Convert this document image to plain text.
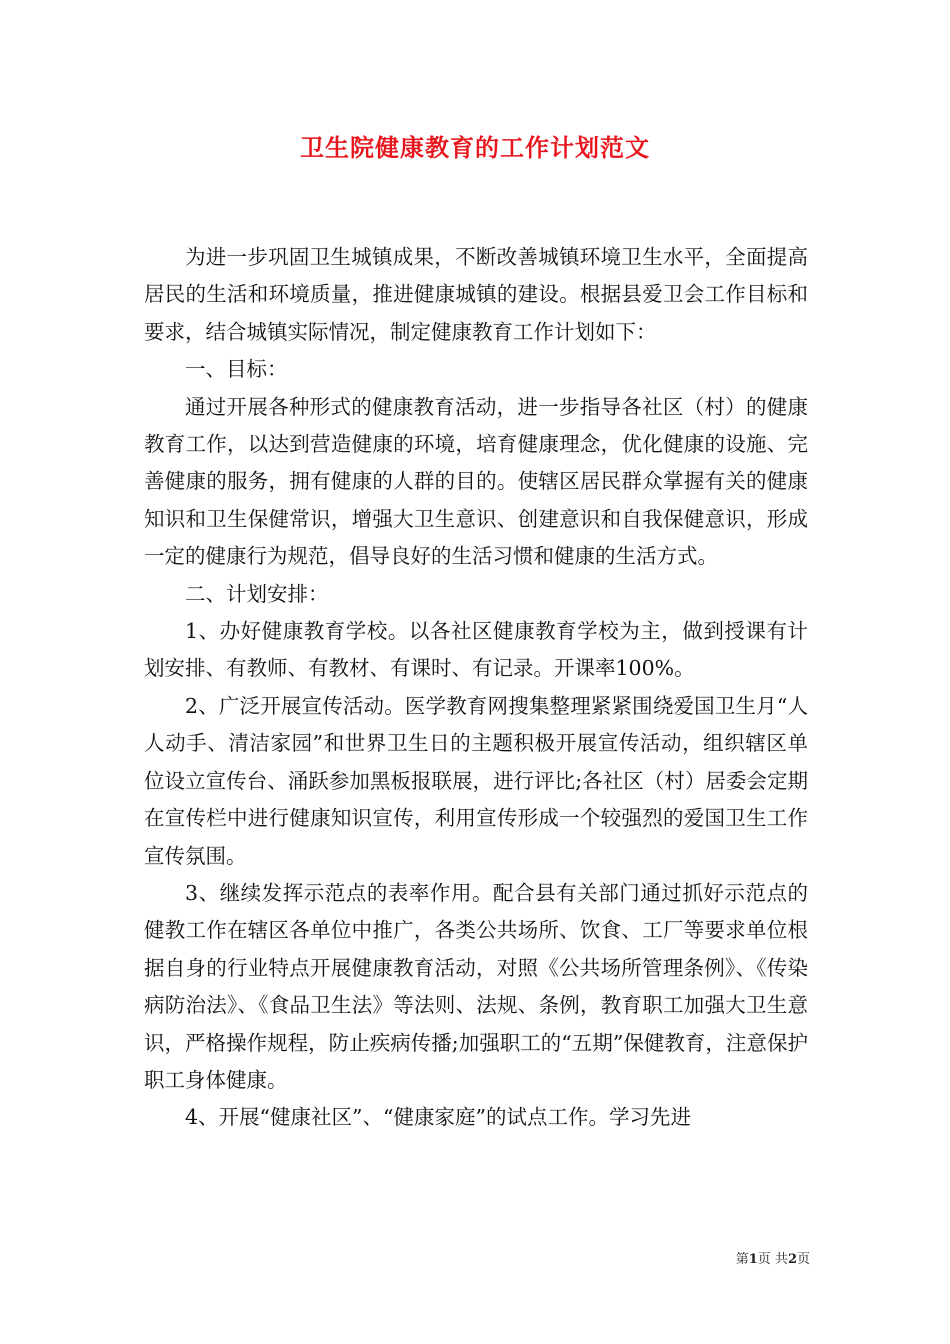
卫生院健康教育的工作计划范文

为进一步巩固卫生城镇成果，不断改善城镇环境卫生水平，全面提高居民的生活和环境质量，推进健康城镇的建设。根据县爱卫会工作目标和要求，结合城镇实际情况，制定健康教育工作计划如下：

一、目标：

通过开展各种形式的健康教育活动，进一步指导各社区（村）的健康教育工作，以达到营造健康的环境，培育健康理念，优化健康的设施、完善健康的服务，拥有健康的人群的目的。使辖区居民群众掌握有关的健康知识和卫生保健常识，增强大卫生意识、创建意识和自我保健意识，形成一定的健康行为规范，倡导良好的生活习惯和健康的生活方式。

二、计划安排：

1、办好健康教育学校。以各社区健康教育学校为主，做到授课有计划安排、有教师、有教材、有课时、有记录。开课率100%。

2、广泛开展宣传活动。医学教育网搜集整理紧紧围绕爱国卫生月“人人动手、清洁家园”和世界卫生日的主题积极开展宣传活动，组织辖区单位设立宣传台、涌跃参加黑板报联展，进行评比;各社区（村）居委会定期在宣传栏中进行健康知识宣传，利用宣传形成一个较强烈的爱国卫生工作宣传氛围。

3、继续发挥示范点的表率作用。配合县有关部门通过抓好示范点的健教工作在辖区各单位中推广，各类公共场所、饮食、工厂等要求单位根据自身的行业特点开展健康教育活动，对照《公共场所管理条例》、《传染病防治法》、《食品卫生法》等法则、法规、条例，教育职工加强大卫生意识，严格操作规程，防止疾病传播;加强职工的“五期”保健教育，注意保护职工身体健康。

4、开展“健康社区”、“健康家庭”的试点工作。学习先进

第1页 共2页
